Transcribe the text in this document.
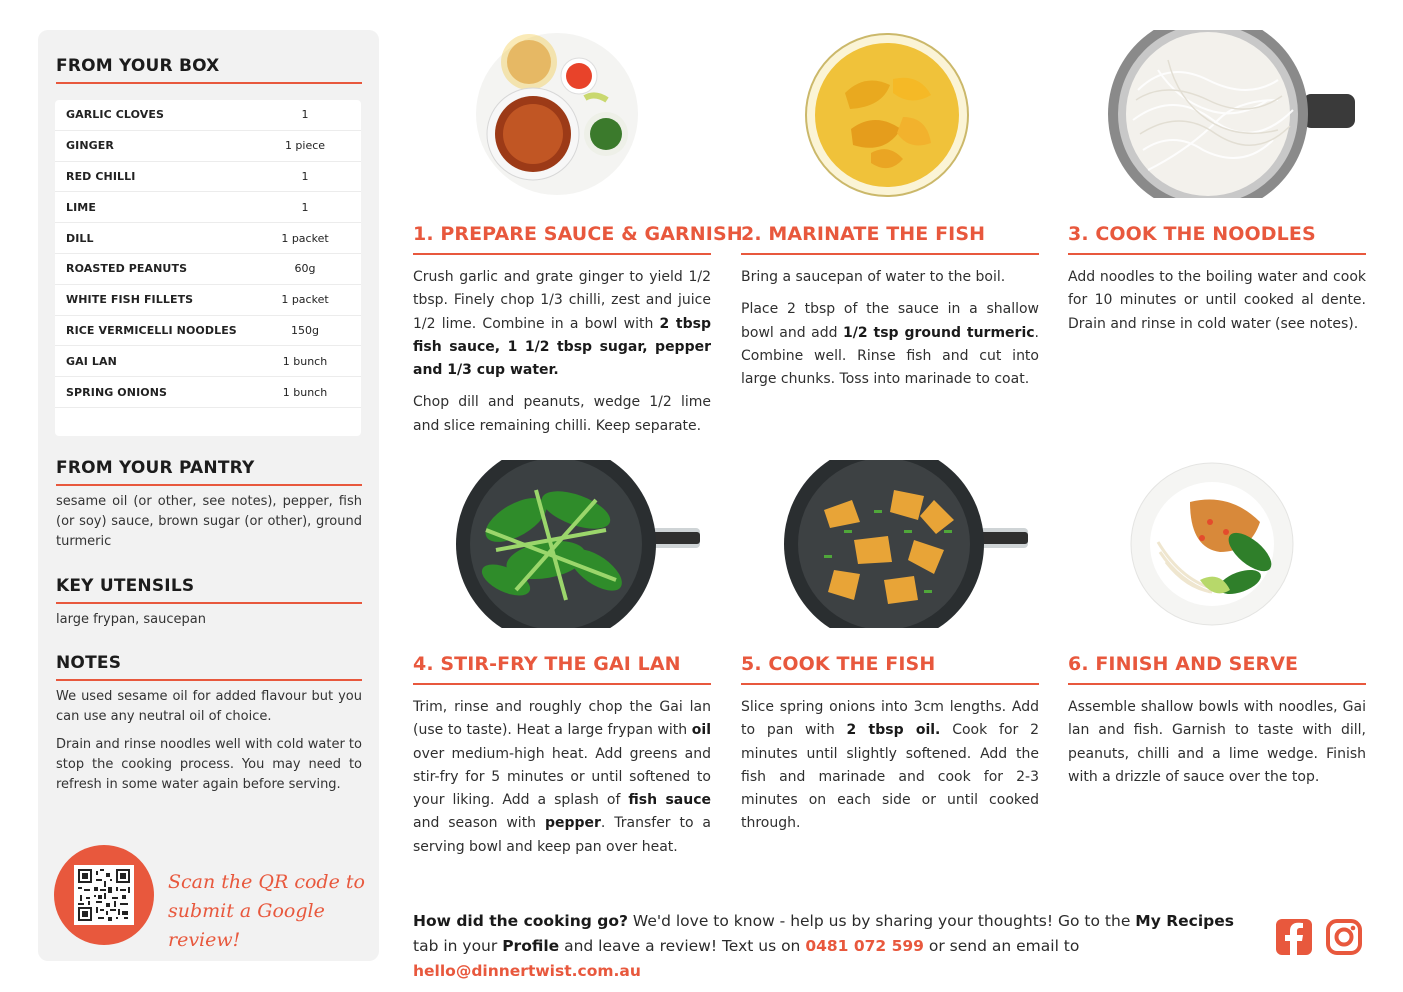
FROM YOUR BOX
GARLIC CLOVES	1
GINGER	1 piece
RED CHILLI	1
LIME	1
DILL	1 packet
ROASTED PEANUTS	60g
WHITE FISH FILLETS	1 packet
RICE VERMICELLI NOODLES	150g
GAI LAN	1 bunch
SPRING ONIONS	1 bunch
FROM YOUR PANTRY
sesame oil (or other, see notes), pepper, fish (or soy) sauce, brown sugar (or other), ground turmeric
KEY UTENSILS
large frypan, saucepan
NOTES
We used sesame oil for added flavour but you can use any neutral oil of choice.
Drain and rinse noodles well with cold water to stop the cooking process. You may need to refresh in some water again before serving.
Scan the QR code to
submit a Google review!
1. PREPARE SAUCE & GARNISH

Crush garlic and grate ginger to yield 1/2 tbsp. Finely chop 1/3 chilli, zest and juice 1/2 lime. Combine in a bowl with 2 tbsp fish sauce, 1 1/2 tbsp sugar, pepper and 1/3 cup water.

Chop dill and peanuts, wedge 1/2 lime and slice remaining chilli. Keep separate.

2. MARINATE THE FISH

Bring a saucepan of water to the boil.

Place 2 tbsp of the sauce in a shallow bowl and add 1/2 tsp ground turmeric. Combine well. Rinse fish and cut into large chunks. Toss into marinade to coat.

3. COOK THE NOODLES

Add noodles to the boiling water and cook for 10 minutes or until cooked al dente. Drain and rinse in cold water (see notes).

4. STIR-FRY THE GAI LAN

Trim, rinse and roughly chop the Gai lan (use to taste). Heat a large frypan with oil over medium-high heat. Add greens and stir-fry for 5 minutes or until softened to your liking. Add a splash of fish sauce and season with pepper. Transfer to a serving bowl and keep pan over heat.

5. COOK THE FISH

Slice spring onions into 3cm lengths. Add to pan with 2 tbsp oil. Cook for 2 minutes until slightly softened. Add the fish and marinade and cook for 2-3 minutes on each side or until cooked through.

6. FINISH AND SERVE

Assemble shallow bowls with noodles, Gai lan and fish. Garnish to taste with dill, peanuts, chilli and a lime wedge. Finish with a drizzle of sauce over the top.

How did the cooking go? We'd love to know - help us by sharing your thoughts! Go to the My Recipes tab in your Profile and leave a review! Text us on 0481 072 599 or send an email to hello@dinnertwist.com.au
